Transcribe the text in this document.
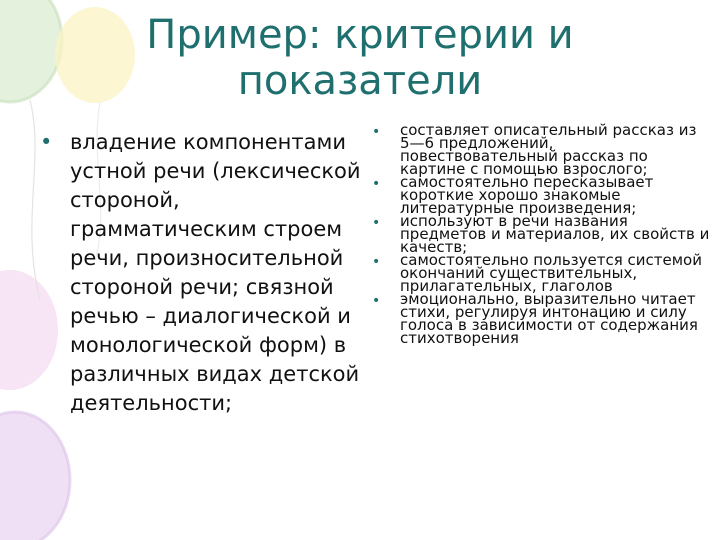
Пример: критерии и показатели
• владение компонентами устной речи (лексической стороной, грамматическим строем речи, произносительной стороной речи; связной речью – диалогической и монологической форм) в различных видах детской деятельности;
•	составляет описательный рассказ из 5—6 предложений, повествовательный рассказ по картине с помощью взрослого;
•	самостоятельно пересказывает короткие хорошо знакомые литературные произведения;
•	используют в речи названия предметов и материалов, их свойств и качеств;
•	самостоятельно пользуется системой окончаний существительных, прилагательных, глаголов
•	эмоционально, выразительно читает стихи, регулируя интонацию и силу голоса в зависимости от содержания стихотворения
